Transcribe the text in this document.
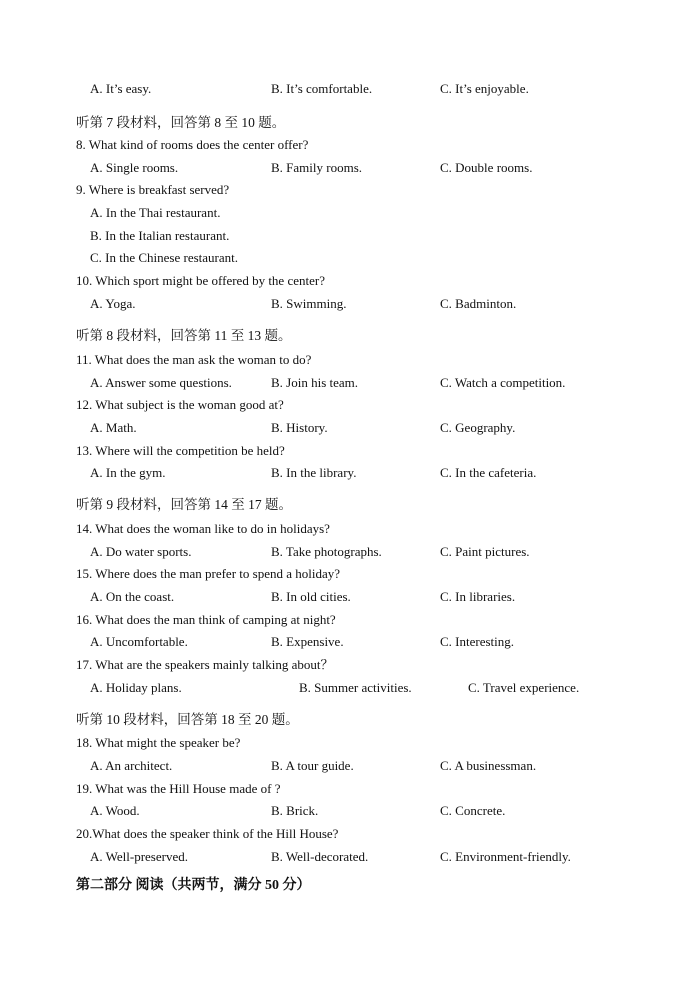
A. It’s easy.	B. It’s comfortable.	C. It’s enjoyable.
听第 7 段材料，回答第 8 至 10 题。
8. What kind of rooms does the center offer?
A. Single rooms.	B. Family rooms.	C. Double rooms.
9. Where is breakfast served?
A. In the Thai restaurant.
B. In the Italian restaurant.
C. In the Chinese restaurant.
10. Which sport might be offered by the center?
A. Yoga.	B. Swimming.	C. Badminton.
听第 8 段材料，回答第 11 至 13 题。
11. What does the man ask the woman to do?
A. Answer some questions.	B. Join his team.	C. Watch a competition.
12. What subject is the woman good at?
A. Math.	B. History.	C. Geography.
13. Where will the competition be held?
A. In the gym.	B. In the library.	C. In the cafeteria.
听第 9 段材料，回答第 14 至 17 题。
14. What does the woman like to do in holidays?
A. Do water sports.	B. Take photographs.	C. Paint pictures.
15. Where does the man prefer to spend a holiday?
A. On the coast.	B. In old cities.	C. In libraries.
16. What does the man think of camping at night?
A. Uncomfortable.	B. Expensive.	C. Interesting.
17. What are the speakers mainly talking about？
A. Holiday plans.	B. Summer activities.	C. Travel experience.
听第 10 段材料，回答第 18 至 20 题。
18. What might the speaker be?
A. An architect.	B. A tour guide.	C. A businessman.
19. What was the Hill House made of ?
A. Wood.	B. Brick.	C. Concrete.
20.What does the speaker think of the Hill House?
A. Well-preserved.	B. Well-decorated.	C. Environment-friendly.
第二部分 阅读（共两节，满分 50 分）
